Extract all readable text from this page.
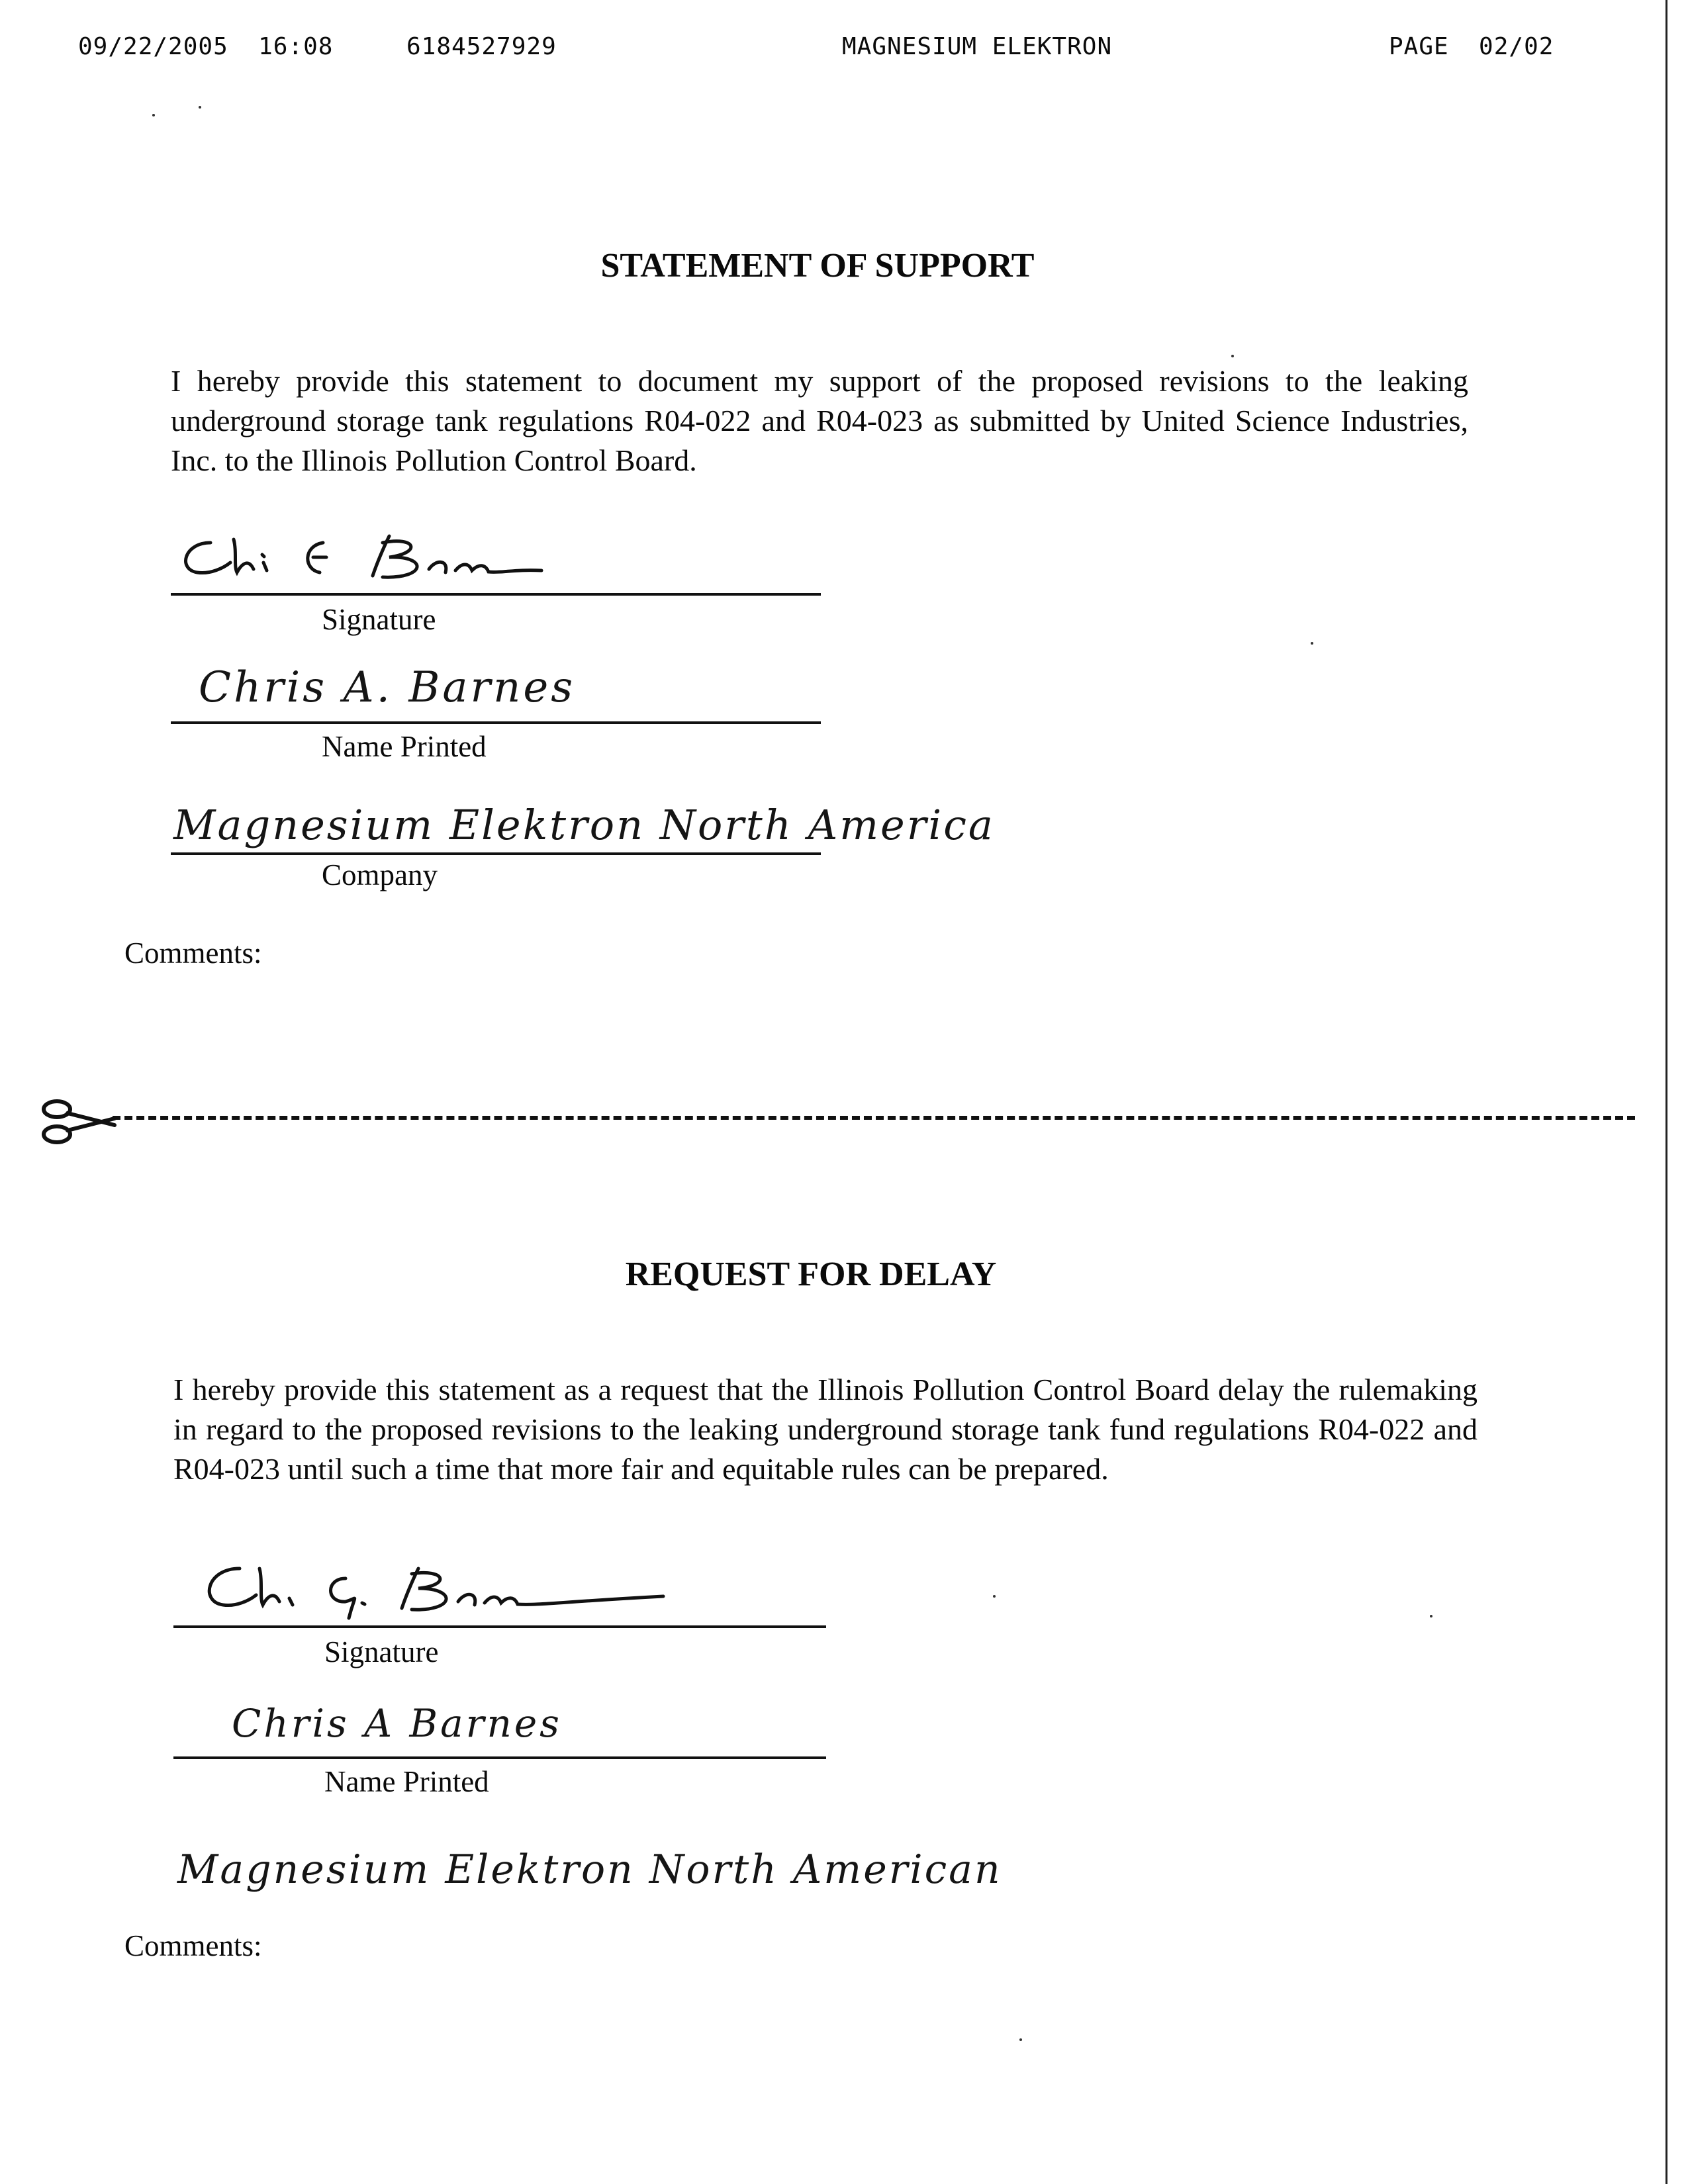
09/22/2005  16:08	6184527929	MAGNESIUM ELEKTRON	PAGE  02/02
STATEMENT OF SUPPORT
I hereby provide this statement to document my support of the proposed revisions to the leaking underground storage tank regulations R04-022 and R04-023 as submitted by United Science Industries, Inc. to the Illinois Pollution Control Board.
Signature
Chris A. Barnes
Name Printed
Magnesium Elektron North America
Company
Comments:
REQUEST FOR DELAY
I hereby provide this statement as a request that the Illinois Pollution Control Board delay the rulemaking in regard to the proposed revisions to the leaking underground storage tank fund regulations R04-022 and R04-023 until such a time that more fair and equitable rules can be prepared.
Signature
Chris A Barnes
Name Printed
Magnesium Elektron North American
Comments:
